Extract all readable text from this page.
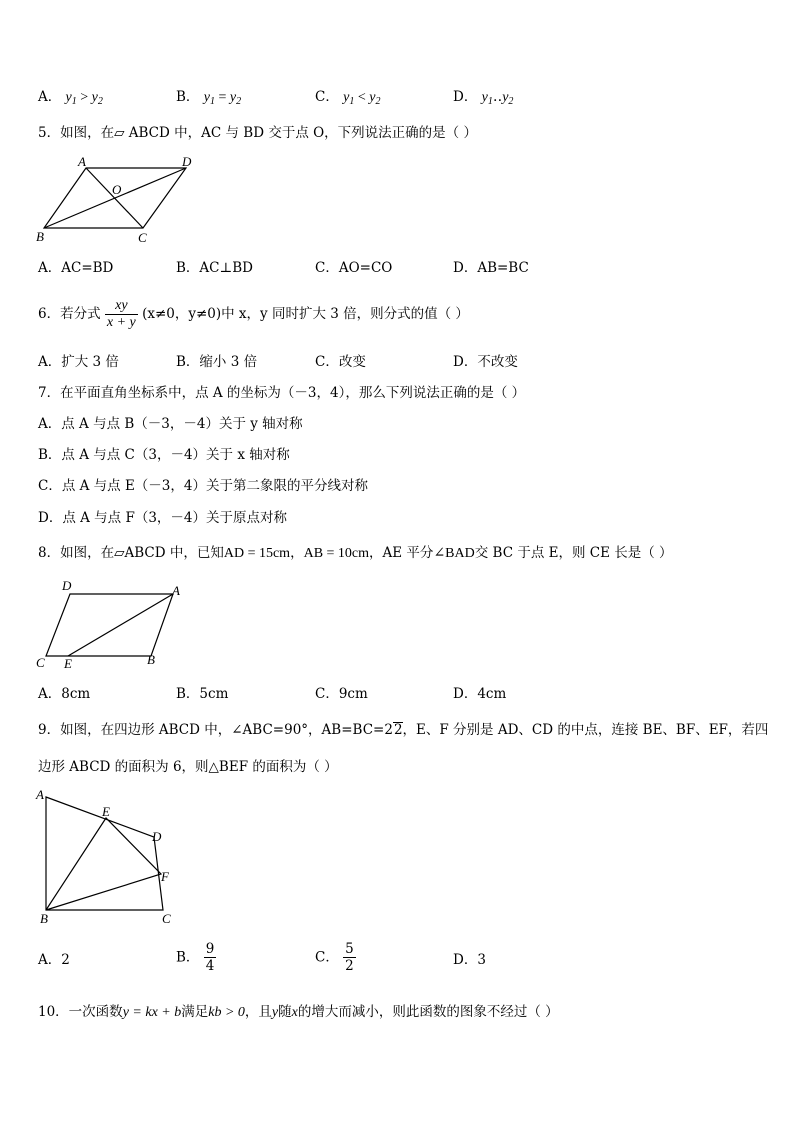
A． $y_1 > y_2$	B． $y_1 = y_2$	C． $y_1 < y_2$	D． $y_1‥y_2$
5．如图，在▱ ABCD 中，AC 与 BD 交于点 O，下列说法正确的是（ ）
A	D
O
B	C
A．AC=BD	B．AC⊥BD	C．AO=CO	D．AB=BC
6．若分式 $\frac{xy}{x + y} (x\ne 0$，y≠0)中 x，y 同时扩大 3 倍，则分式的值（ ）
A．扩大 3 倍	B．缩小 3 倍	C．改变	D．不改变
7．在平面直角坐标系中，点 A 的坐标为（－3，4），那么下列说法正确的是（ ）
A．点 A 与点 B（－3，－4）关于 y 轴对称
B．点 A 与点 C（3，－4）关于 x 轴对称
C．点 A 与点 E（－3，4）关于第二象限的平分线对称
D．点 A 与点 F（3，－4）关于原点对称
8．如图，在▱ABCD 中，已知AD = 15cm，AB = 10cm，AE 平分∠BAD交 BC 于点 E，则 CE 长是（ ）
D	A
C E	B
A．8cm	B．5cm	C．9cm	D．4cm
9．如图，在四边形 ABCD 中，∠ABC=90°，AB=BC=22，E、F 分别是 AD、CD 的中点，连接 BE、BF、EF，若四
边形 ABCD 的面积为 6，则△BEF 的面积为（ ）
A
E
D
F
B	C
A．2	B． $\frac{9}{4}$	C． $\frac{5}{2}$	D．3
10．一次函数y = kx + b满足kb > 0，且y随x的增大而减小，则此函数的图象不经过（ ）
